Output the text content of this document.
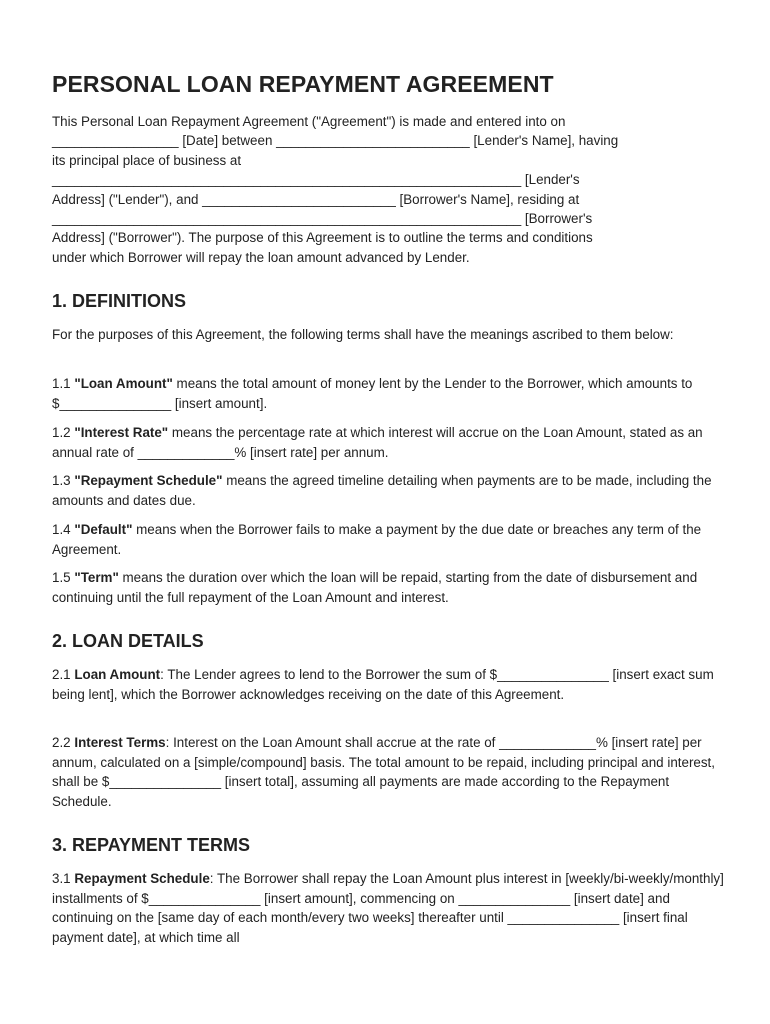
PERSONAL LOAN REPAYMENT AGREEMENT

This Personal Loan Repayment Agreement ("Agreement") is made and entered into on
_________________ [Date] between __________________________ [Lender's Name], having
its principal place of business at
_______________________________________________________________ [Lender's
Address] ("Lender"), and __________________________ [Borrower's Name], residing at
_______________________________________________________________ [Borrower's
Address] ("Borrower"). The purpose of this Agreement is to outline the terms and conditions
under which Borrower will repay the loan amount advanced by Lender.

1. DEFINITIONS

For the purposes of this Agreement, the following terms shall have the meanings ascribed to them below:

1.1 "Loan Amount" means the total amount of money lent by the Lender to the Borrower, which amounts to $_______________ [insert amount].

1.2 "Interest Rate" means the percentage rate at which interest will accrue on the Loan Amount, stated as an annual rate of _____________% [insert rate] per annum.

1.3 "Repayment Schedule" means the agreed timeline detailing when payments are to be made, including the amounts and dates due.

1.4 "Default" means when the Borrower fails to make a payment by the due date or breaches any term of the Agreement.

1.5 "Term" means the duration over which the loan will be repaid, starting from the date of disbursement and continuing until the full repayment of the Loan Amount and interest.

2. LOAN DETAILS

2.1 Loan Amount: The Lender agrees to lend to the Borrower the sum of $_______________ [insert exact sum being lent], which the Borrower acknowledges receiving on the date of this Agreement.

2.2 Interest Terms: Interest on the Loan Amount shall accrue at the rate of _____________% [insert rate] per annum, calculated on a [simple/compound] basis. The total amount to be repaid, including principal and interest, shall be $_______________ [insert total], assuming all payments are made according to the Repayment Schedule.

3. REPAYMENT TERMS

3.1 Repayment Schedule: The Borrower shall repay the Loan Amount plus interest in [weekly/bi-weekly/monthly] installments of $_______________ [insert amount], commencing on _______________ [insert date] and continuing on the [same day of each month/every two weeks] thereafter until _______________ [insert final payment date], at which time all
